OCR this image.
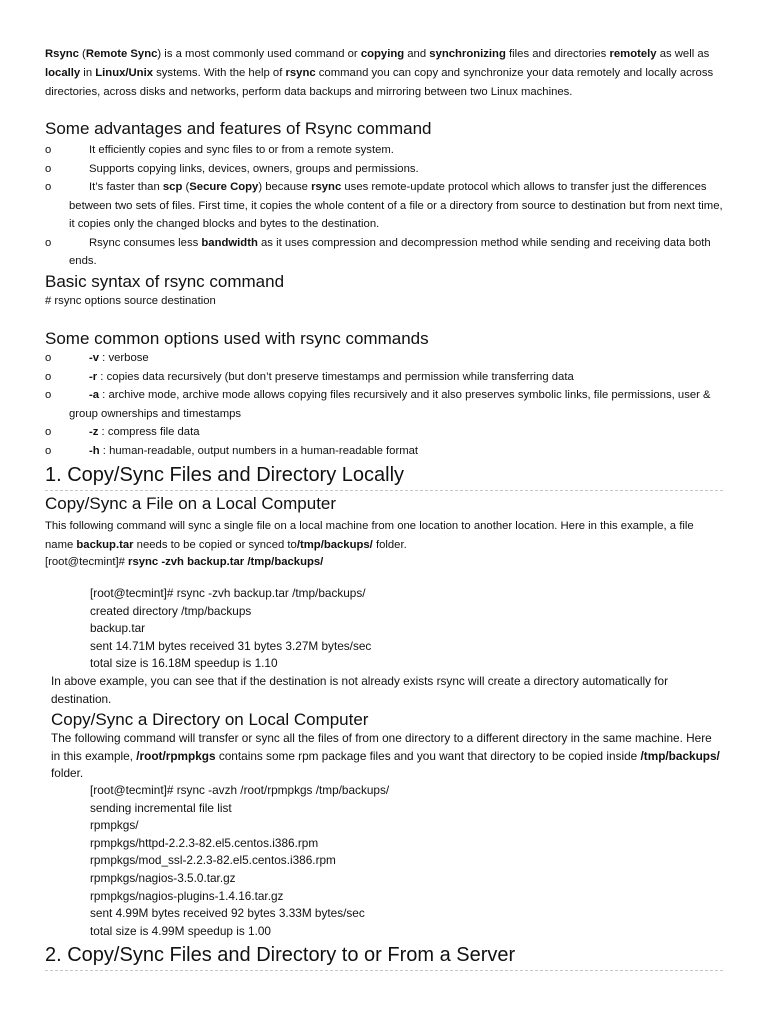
Rsync (Remote Sync) is a most commonly used command or copying and synchronizing files and directories remotely as well as locally in Linux/Unix systems. With the help of rsync command you can copy and synchronize your data remotely and locally across directories, across disks and networks, perform data backups and mirroring between two Linux machines.

Some advantages and features of Rsync command
o	It efficiently copies and sync files to or from a remote system.
o	Supports copying links, devices, owners, groups and permissions.
o	It’s faster than scp (Secure Copy) because rsync uses remote-update protocol which allows to transfer just the differences between two sets of files. First time, it copies the whole content of a file or a directory from source to destination but from next time, it copies only the changed blocks and bytes to the destination.
o	Rsync consumes less bandwidth as it uses compression and decompression method while sending and receiving data both ends.
Basic syntax of rsync command

# rsync options source destination

Some common options used with rsync commands
o	-v : verbose
o	-r : copies data recursively (but don’t preserve timestamps and permission while transferring data
o	-a : archive mode, archive mode allows copying files recursively and it also preserves symbolic links, file permissions, user & group ownerships and timestamps
o	-z : compress file data
o	-h : human-readable, output numbers in a human-readable format
1. Copy/Sync Files and Directory Locally
Copy/Sync a File on a Local Computer

This following command will sync a single file on a local machine from one location to another location. Here in this example, a file name backup.tar needs to be copied or synced to/tmp/backups/ folder.

[root@tecmint]# rsync -zvh backup.tar /tmp/backups/

[root@tecmint]# rsync -zvh backup.tar /tmp/backups/
created directory /tmp/backups
backup.tar
sent 14.71M bytes received 31 bytes 3.27M bytes/sec
total size is 16.18M speedup is 1.10

In above example, you can see that if the destination is not already exists rsync will create a directory automatically for destination.

Copy/Sync a Directory on Local Computer

The following command will transfer or sync all the files of from one directory to a different directory in the same machine. Here in this example, /root/rpmpkgs contains some rpm package files and you want that directory to be copied inside /tmp/backups/ folder.

[root@tecmint]# rsync -avzh /root/rpmpkgs /tmp/backups/
sending incremental file list
rpmpkgs/
rpmpkgs/httpd-2.2.3-82.el5.centos.i386.rpm
rpmpkgs/mod_ssl-2.2.3-82.el5.centos.i386.rpm
rpmpkgs/nagios-3.5.0.tar.gz
rpmpkgs/nagios-plugins-1.4.16.tar.gz
sent 4.99M bytes received 92 bytes 3.33M bytes/sec
total size is 4.99M speedup is 1.00
2. Copy/Sync Files and Directory to or From a Server
